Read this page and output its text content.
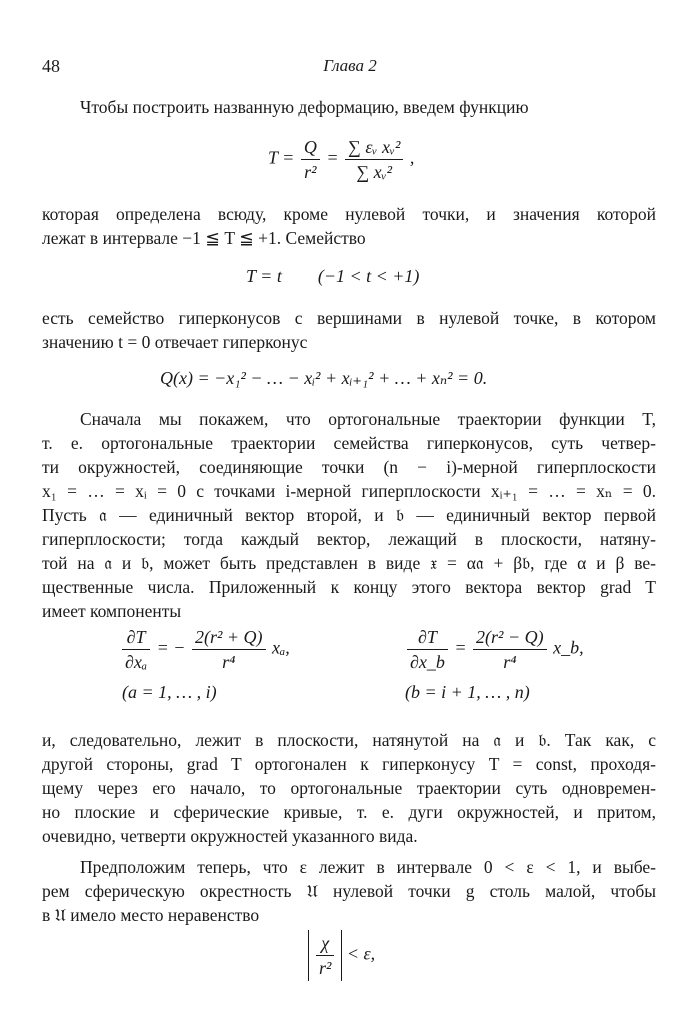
48	Глава 2

Чтобы построить названную деформацию, введем функцию

$T = \frac{Q}{\text{r²}} = \frac{\text{∑ εᵥ xᵥ²}}{\text{∑ xᵥ²}}$ ,

которая определена всюду, кроме нулевой точки, и значения которой

лежат в интервале −1 ≦ T ≦ +1. Семейство

T = t        (−1 < t < +1)

есть семейство гиперконусов с вершинами в нулевой точке, в котором

значению t = 0 отвечает гиперконус

Q(x) = −x₁² − … − xᵢ² + xᵢ₊₁² + … + xₙ² = 0.

Сначала мы покажем, что ортогональные траектории функции T,

т. е. ортогональные траектории семейства гиперконусов, суть четвер-

ти окружностей, соединяющие точки (n − i)-мерной гиперплоскости

x₁ = … = xᵢ = 0 с точками i-мерной гиперплоскости xᵢ₊₁ = … = xₙ = 0.

Пусть 𝔞 — единичный вектор второй, и 𝔟 — единичный вектор первой

гиперплоскости; тогда каждый вектор, лежащий в плоскости, натяну-

той на 𝔞 и 𝔟, может быть представлен в виде 𝔵 = α𝔞 + β𝔟, где α и β ве-

щественные числа. Приложенный к концу этого вектора вектор grad T

имеет компоненты

$\frac{\partial T}{\text{∂xₐ}}$ = − $\frac{\text{2(r² + Q)}}{\text{r⁴}} x_a$,
(a = 1, … , i)
$\frac{\partial T}{\partial x\_b} = \frac{\text{2(r² − Q)}}{\text{r⁴}}$ x_b,
(b = i + 1, … , n)

и, следовательно, лежит в плоскости, натянутой на 𝔞 и 𝔟. Так как, с

другой стороны, grad T ортогонален к гиперконусу T = const, проходя-

щему через его начало, то ортогональные траектории суть одновремен-

но плоские и сферические кривые, т. е. дуги окружностей, и притом,

очевидно, четверти окружностей указанного вида.

Предположим теперь, что ε лежит в интервале 0 < ε < 1, и выбе-

рем сферическую окрестность 𝔘 нулевой точки g столь малой, чтобы

в 𝔘 имело место неравенство

$\frac{\chi}{\text{r²}} < \varepsilon$,
